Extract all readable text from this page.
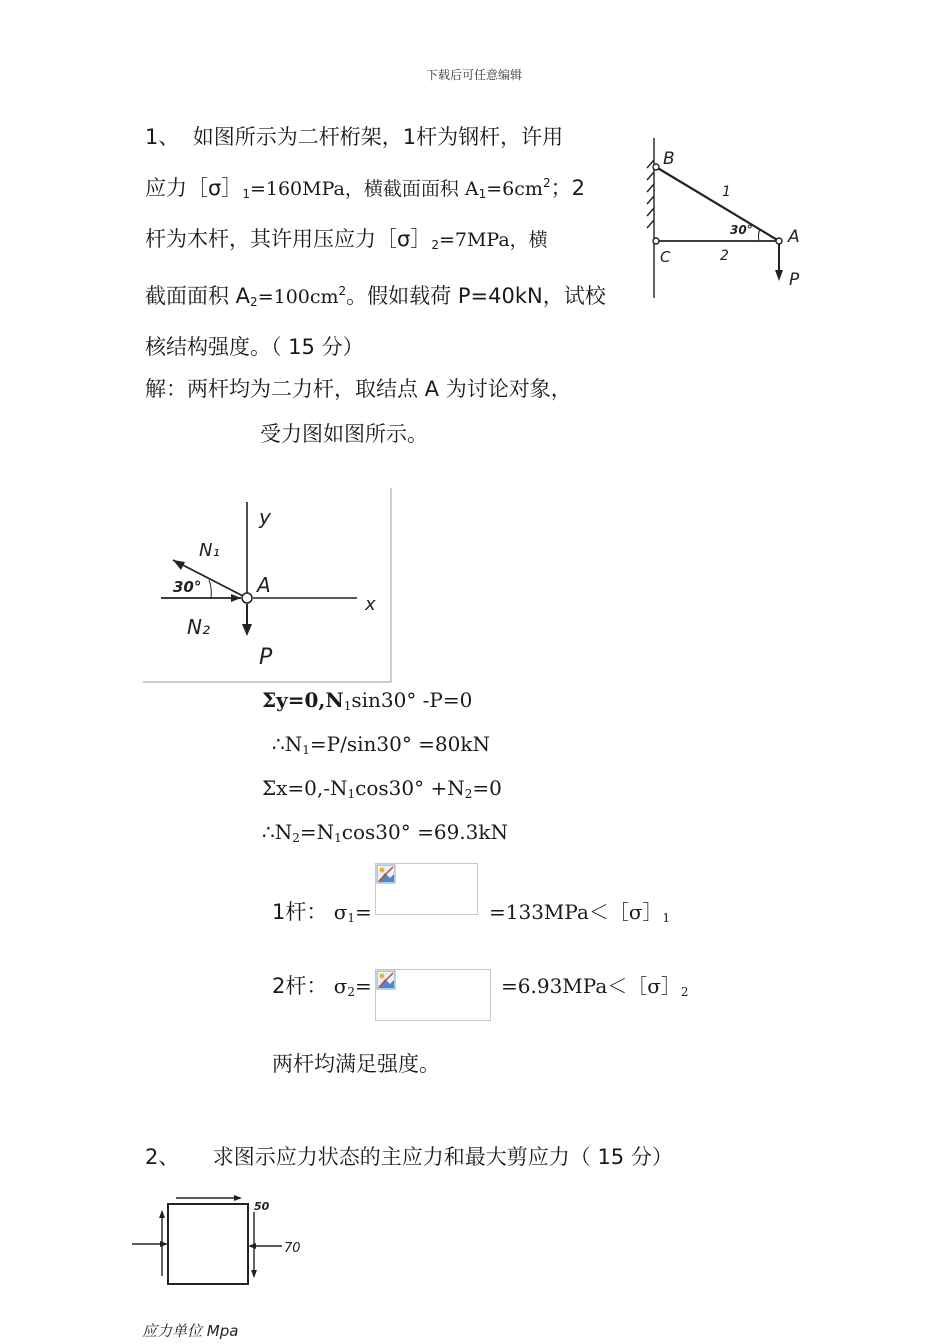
下载后可任意编辑
1、 如图所示为二杆桁架，1杆为钢杆，许用
应力$[\sigma]_1=160MPa$，横截面面积 $A_1=6cm^2$；2
杆为木杆，其许用压应力$[\sigma]_2=7MPa$，横
截面面积 $A_2=100cm^2$。假如载荷 P=40kN，试校
核结构强度。（ 15 分）
B
A
C
P
1
2
30°
解：两杆均为二力杆，取结点 A 为讨论对象，
受力图如图所示。
y
x
A
N₁
N₂
P
30°
$\Sigma y=0,N_1\sin 30^\circ$ -P=0
$\therefore N_1=P/\sin 30^\circ =80kN$
$\Sigma x=0,-N_1\cos 30^\circ +N_2=0$
$\therefore N_2=N_1\cos 30^\circ =69.3kN$
1杆： $\sigma_1=$	$=133MPa<[\sigma]_1$
2杆： $\sigma_2=$	$=6.93MPa<[\sigma]_2$
两杆均满足强度。
2、 求图示应力状态的主应力和最大剪应力（ 15 分）
50
70
应力单位 Mpa
